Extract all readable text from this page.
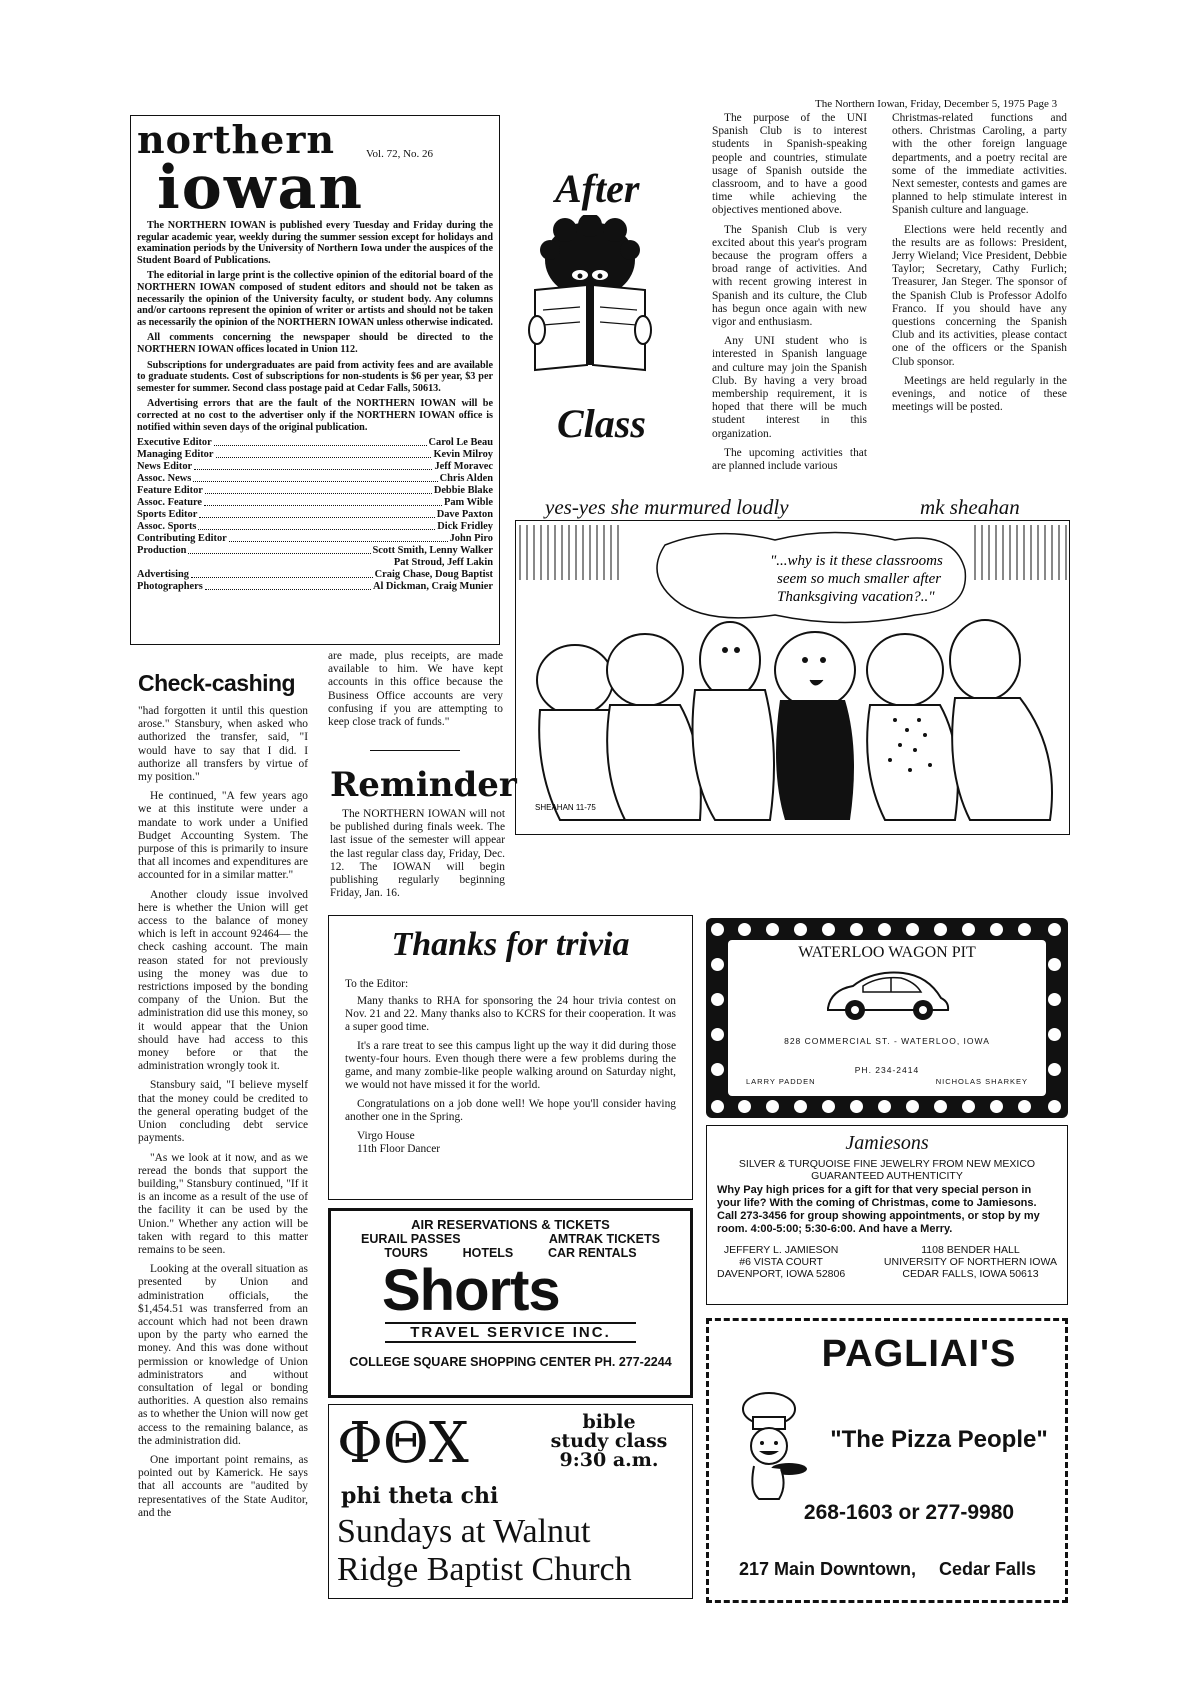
The Northern Iowan, Friday, December 5, 1975 Page 3
northern	Vol. 72, No. 26
iowan

The NORTHERN IOWAN is published every Tuesday and Friday during the regular academic year, weekly during the summer session except for holidays and examination periods by the University of Northern Iowa under the auspices of the Student Board of Publications.

The editorial in large print is the collective opinion of the editorial board of the NORTHERN IOWAN composed of student editors and should not be taken as necessarily the opinion of the University faculty, or student body. Any columns and/or cartoons represent the opinion of writer or artists and should not be taken as necessarily the opinion of the NORTHERN IOWAN unless otherwise indicated.

All comments concerning the newspaper should be directed to the NORTHERN IOWAN offices located in Union 112.

Subscriptions for undergraduates are paid from activity fees and are available to graduate students. Cost of subscriptions for non-students is $6 per year, $3 per semester for summer. Second class postage paid at Cedar Falls, 50613.

Advertising errors that are the fault of the NORTHERN IOWAN will be corrected at no cost to the advertiser only if the NORTHERN IOWAN office is notified within seven days of the original publication.

Executive Editor	Carol Le Beau
Managing Editor	Kevin Milroy
News Editor	Jeff Moravec
Assoc. News	Chris Alden
Feature Editor	Debbie Blake
Assoc. Feature	Pam Wible
Sports Editor	Dave Paxton
Assoc. Sports	Dick Fridley
Contributing Editor	John Piro
Production	Scott Smith, Lenny Walker
Pat Stroud, Jeff Lakin
Advertising	Craig Chase, Doug Baptist
Photographers	Al Dickman, Craig Munier
After
Class

The purpose of the UNI Spanish Club is to interest students in Spanish-speaking people and countries, stimulate usage of Spanish outside the classroom, and to have a good time while achieving the objectives mentioned above.

The Spanish Club is very excited about this year's program because the program offers a broad range of activities. And with recent growing interest in Spanish and its culture, the Club has begun once again with new vigor and enthusiasm.

Any UNI student who is interested in Spanish language and culture may join the Spanish Club. By having a very broad membership requirement, it is hoped that there will be much student interest in this organization.

The upcoming activities that are planned include various

Christmas-related functions and others. Christmas Caroling, a party with the other foreign language departments, and a poetry recital are some of the immediate activities. Next semester, contests and games are planned to help stimulate interest in Spanish culture and language.

Elections were held recently and the results are as follows: President, Jerry Wieland; Vice President, Debbie Taylor; Secretary, Cathy Furlich; Treasurer, Jan Steger. The sponsor of the Spanish Club is Professor Adolfo Franco. If you should have any questions concerning the Spanish Club and its activities, please contact one of the officers or the Spanish Club sponsor.

Meetings are held regularly in the evenings, and notice of these meetings will be posted.

yes-yes she murmured loudly	mk sheahan
"...why is it these classrooms
seem so much smaller after
Thanksgiving vacation?.."
SHEAHAN 11-75
Check-cashing

"had forgotten it until this question arose." Stansbury, when asked who authorized the transfer, said, "I would have to say that I did. I authorize all transfers by virtue of my position."

He continued, "A few years ago we at this institute were under a mandate to work under a Unified Budget Accounting System. The purpose of this is primarily to insure that all incomes and expenditures are accounted for in a similar matter."

Another cloudy issue involved here is whether the Union will get access to the balance of money which is left in account 92464— the check cashing account. The main reason stated for not previously using the money was due to restrictions imposed by the bonding company of the Union. But the administration did use this money, so it would appear that the Union should have had access to this money before or that the administration wrongly took it.

Stansbury said, "I believe myself that the money could be credited to the general operating budget of the Union concluding debt service payments.

"As we look at it now, and as we reread the bonds that support the building," Stansbury continued, "If it is an income as a result of the use of the facility it can be used by the Union." Whether any action will be taken with regard to this matter remains to be seen.

Looking at the overall situation as presented by Union and administration officials, the $1,454.51 was transferred from an account which had not been drawn upon by the party who earned the money. And this was done without permission or knowledge of Union administrators and without consultation of legal or bonding authorities. A question also remains as to whether the Union will now get access to the remaining balance, as the administration did.

One important point remains, as pointed out by Kamerick. He says that all accounts are "audited by representatives of the State Auditor, and the

are made, plus receipts, are made available to him. We have kept accounts in this office because the Business Office accounts are very confusing if you are attempting to keep close track of funds."
Reminder
The NORTHERN IOWAN will not be published during finals week. The last issue of the semester will appear the last regular class day, Friday, Dec. 12. The IOWAN will begin publishing regularly beginning Friday, Jan. 16.
Thanks for trivia

To the Editor:

Many thanks to RHA for sponsoring the 24 hour trivia contest on Nov. 21 and 22. Many thanks also to KCRS for their cooperation. It was a super good time.

It's a rare treat to see this campus light up the way it did during those twenty-four hours. Even though there were a few problems during the game, and many zombie-like people walking around on Saturday night, we would not have missed it for the world.

Congratulations on a job done well! We hope you'll consider having another one in the Spring.

Virgo House

11th Floor Dancer

AIR RESERVATIONS & TICKETS
EURAIL PASSES	AMTRAK TICKETS
TOURS	HOTELS	CAR RENTALS
Shorts
TRAVEL SERVICE INC.
COLLEGE SQUARE SHOPPING CENTER PH. 277-2244
ΦΘΧ	bible
study class
9:30 a.m.
phi theta chi
Sundays at Walnut
Ridge Baptist Church
WATERLOO WAGON PIT
828 COMMERCIAL ST. - WATERLOO, IOWA
PH. 234-2414
LARRY PADDEN	NICHOLAS SHARKEY
Jamiesons
SILVER & TURQUOISE FINE JEWELRY FROM NEW MEXICO
GUARANTEED AUTHENTICITY
Why Pay high prices for a gift for that very special person in your life? With the coming of Christmas, come to Jamiesons. Call 273-3456 for group showing appointments, or stop by my room. 4:00-5:00; 5:30-6:00. And have a Merry.
JEFFERY L. JAMIESON
#6 VISTA COURT
DAVENPORT, IOWA 52806
1108 BENDER HALL
UNIVERSITY OF NORTHERN IOWA
CEDAR FALLS, IOWA 50613
PAGLIAI'S
"The Pizza People"
268-1603 or 277-9980
217 Main Downtown, Cedar Falls
